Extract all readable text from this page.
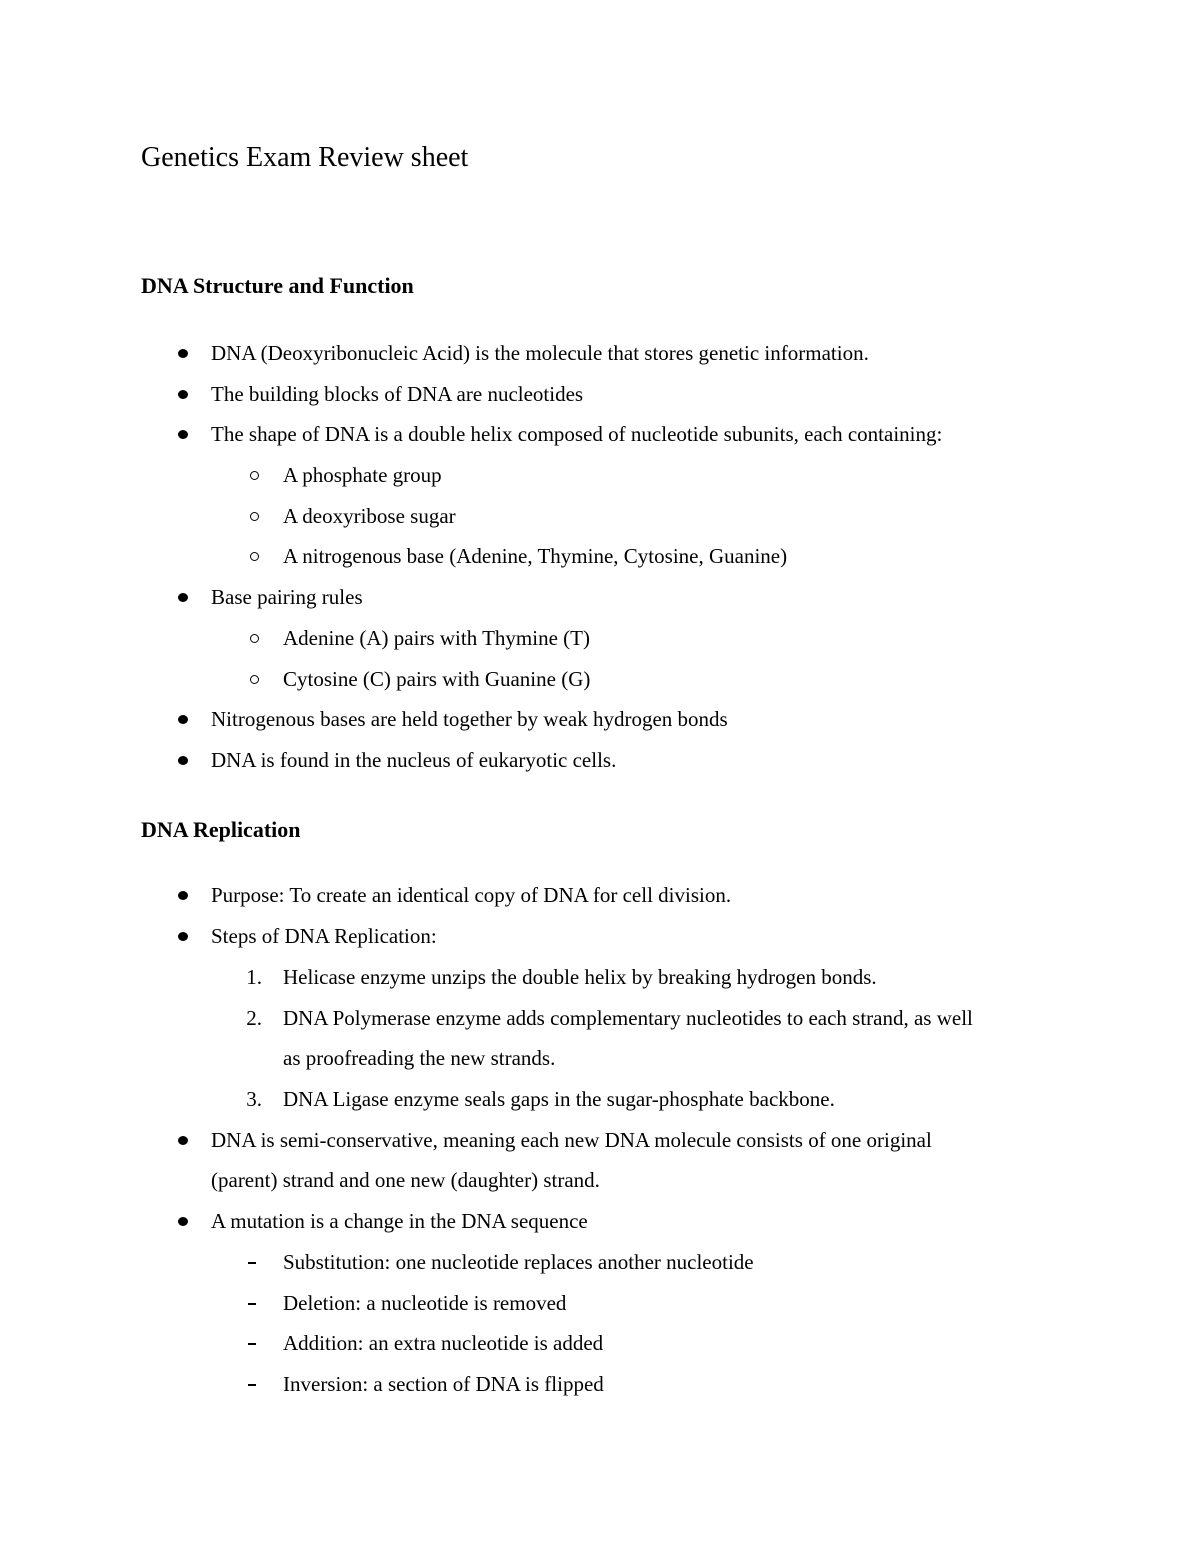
Genetics Exam Review sheet
DNA Structure and Function
DNA (Deoxyribonucleic Acid) is the molecule that stores genetic information.
The building blocks of DNA are nucleotides
The shape of DNA is a double helix composed of nucleotide subunits, each containing:
A phosphate group
A deoxyribose sugar
A nitrogenous base (Adenine, Thymine, Cytosine, Guanine)
Base pairing rules
Adenine (A) pairs with Thymine (T)
Cytosine (C) pairs with Guanine (G)
Nitrogenous bases are held together by weak hydrogen bonds
DNA is found in the nucleus of eukaryotic cells.
DNA Replication
Purpose: To create an identical copy of DNA for cell division.
Steps of DNA Replication:
1. Helicase enzyme unzips the double helix by breaking hydrogen bonds.
2. DNA Polymerase enzyme adds complementary nucleotides to each strand, as well
as proofreading the new strands.
3. DNA Ligase enzyme seals gaps in the sugar-phosphate backbone.
DNA is semi-conservative, meaning each new DNA molecule consists of one original
(parent) strand and one new (daughter) strand.
A mutation is a change in the DNA sequence
Substitution: one nucleotide replaces another nucleotide
Deletion: a nucleotide is removed
Addition: an extra nucleotide is added
Inversion: a section of DNA is flipped
